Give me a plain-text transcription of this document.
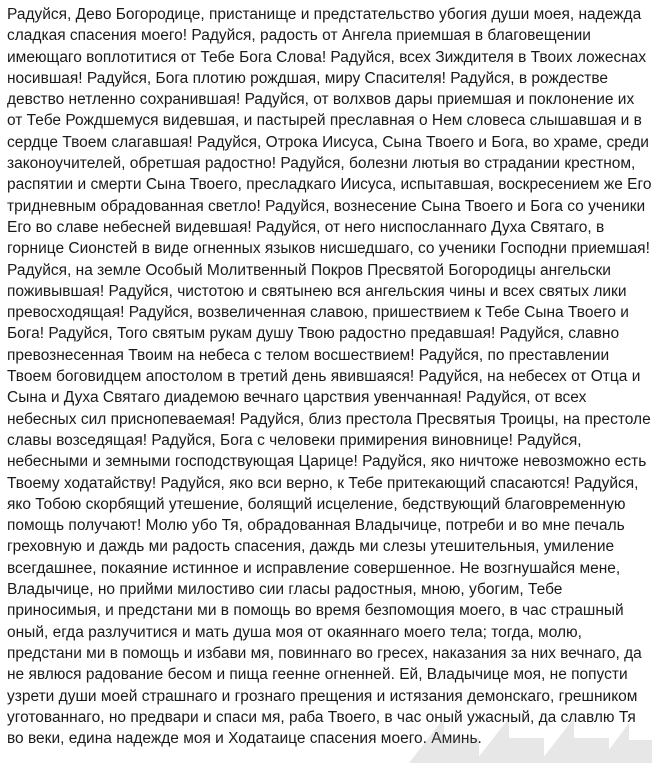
Радуйся, Дево Богородице, пристанище и предстательство убогия души моея, надежда сладкая спасения моего! Радуйся, радость от Ангела приемшая в благовещении имеющаго воплотитися от Тебе Бога Слова! Радуйся, всех Зиждителя в Твоих ложеснах носившая! Радуйся, Бога плотию рождшая, миру Спасителя! Радуйся, в рождестве девство нетленно сохранившая! Радуйся, от волхвов дары приемшая и поклонение их от Тебе Рождшемуся видевшая, и пастырей преславная о Нем словеса слышавшая и в сердце Твоем слагавшая! Радуйся, Отрока Иисуса, Сына Твоего и Бога, во храме, среди законоучителей, обретшая радостно! Радуйся, болезни лютыя во страдании крестном, распятии и смерти Сына Твоего, пресладкаго Иисуса, испытавшая, воскресением же Его тридневным обрадованная светло! Радуйся, вознесение Сына Твоего и Бога со ученики Его во славе небесней видевшая! Радуйся, от него ниспосланнаго Духа Святаго, в горнице Сионстей в виде огненных языков нисшедшаго, со ученики Господни приемшая! Радуйся, на земле Особый Молитвенный Покров Пресвятой Богородицы ангельски поживывшая! Радуйся, чистотою и святынею вся ангельския чины и всех святых лики превосходящая! Радуйся, возвеличенная славою, пришествием к Тебе Сына Твоего и Бога! Радуйся, Того святым рукам душу Твою радостно предавшая! Радуйся, славно превознесенная Твоим на небеса с телом восшествием! Радуйся, по преставлении Твоем боговидцем апостолом в третий день явившаяся! Радуйся, на небесех от Отца и Сына и Духа Святаго диадемою вечнаго царствия увенчанная! Радуйся, от всех небесных сил приснопеваемая! Радуйся, близ престола Пресвятыя Троицы, на престоле славы возседящая! Радуйся, Бога с человеки примирения виновнице! Радуйся, небесными и земными господствующая Царице! Радуйся, яко ничтоже невозможно есть Твоему ходатайству! Радуйся, яко вси верно, к Тебе притекающий спасаются! Радуйся, яко Тобою скорбящий утешение, болящий исцеление, бедствующий благовременную помощь получают! Молю убо Тя, обрадованная Владычице, потреби и во мне печаль греховную и даждь ми радость спасения, даждь ми слезы утешительныя, умиление всегдашнее, покаяние истинное и исправление совершенное. Не возгнушайся мене, Владычице, но прийми милостиво сии гласы радостныя, мною, убогим, Тебе приносимыя, и предстани ми в помощь во время безпомощия моего, в час страшный оный, егда разлучитися и мать душа моя от окаяннаго моего тела; тогда, молю, предстани ми в помощь и избави мя, повиннаго во гресех, наказания за них вечнаго, да не явлюся радование бесом и пища геенне огненней. Ей, Владычице моя, не попусти узрети души моей страшнаго и грознаго прещения и истязания демонскаго, грешником уготованнаго, но предвари и спаси мя, раба Твоего, в час оный ужасный, да славлю Тя во веки, едина надежде моя и Ходатаице спасения моего. Аминь.
